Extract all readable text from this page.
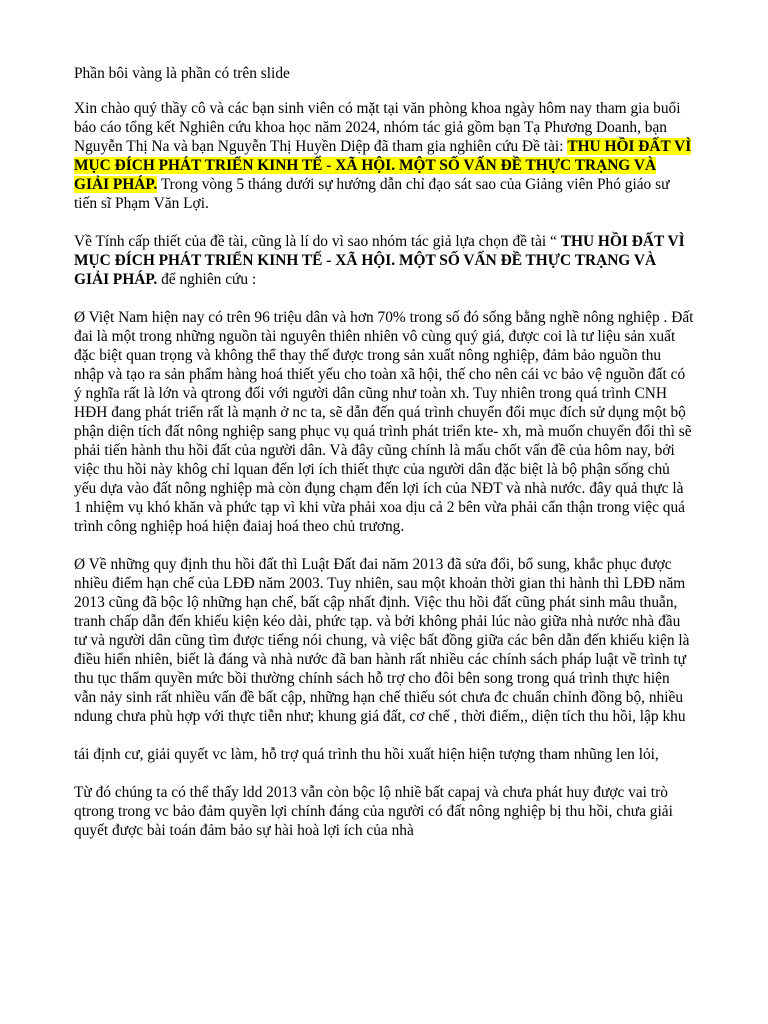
Phần bôi vàng là phần có trên slide

Xin chào quý thầy cô và các bạn sinh viên có mặt tại văn phòng khoa ngày hôm nay tham gia buổi báo cáo tổng kết Nghiên cứu khoa học năm 2024, nhóm tác giả gồm bạn Tạ Phương Doanh, bạn Nguyễn Thị Na và bạn Nguyễn Thị Huyền Diệp đã tham gia nghiên cứu Đề tài: THU HỒI ĐẤT VÌ MỤC ĐÍCH PHÁT TRIỂN KINH TẾ - XÃ HỘI. MỘT SỐ VẤN ĐỀ THỰC TRẠNG VÀ GIẢI PHÁP. Trong vòng 5 tháng dưới sự hướng dẫn chỉ đạo sát sao của Giảng viên Phó giáo sư tiến sĩ Phạm Văn Lợi.

Về Tính cấp thiết của đề tài, cũng là lí do vì sao nhóm tác giả lựa chọn đề tài “ THU HỒI ĐẤT VÌ MỤC ĐÍCH PHÁT TRIỂN KINH TẾ - XÃ HỘI. MỘT SỐ VẤN ĐỀ THỰC TRẠNG VÀ GIẢI PHÁP. để nghiên cứu :

Ø Việt Nam hiện nay có trên 96 triệu dân và hơn 70% trong số đó sống bằng nghề nông nghiệp . Đất đai là một trong những nguồn tài nguyên thiên nhiên vô cùng quý giá, được coi là tư liệu sản xuất đặc biệt quan trọng và không thể thay thế được trong sản xuất nông nghiệp, đảm bảo nguồn thu nhập và tạo ra sản phẩm hàng hoá thiết yếu cho toàn xã hội, thế cho nên cái vc bảo vệ nguồn đất có ý nghĩa rất là lớn và qtrong đối với người dân cũng như toàn xh. Tuy nhiên trong quá trình CNH HĐH đang phát triển rất là mạnh ở nc ta, sẽ dẫn đến quá trình chuyển đổi mục đích sử dụng một bộ phận diện tích đất nông nghiệp sang phục vụ quá trình phát triển kte- xh, mà muốn chuyển đổi thì sẽ phải tiến hành thu hồi đất của người dân. Và đây cũng chính là mấu chốt vấn đề của hôm nay, bởi việc thu hồi này khôg chỉ lquan đến lợi ích thiết thực của người dân đặc biệt là bộ phận sống chủ yếu dựa vào đất nông nghiệp mà còn đụng chạm đến lợi ích của NĐT và nhà nước. đây quả thực là 1 nhiệm vụ khó khăn và phức tạp vì khi vừa phải xoa dịu cả 2 bên vừa phải cẩn thận trong việc quá trình công nghiệp hoá hiện đaiaj hoá theo chủ trương.

Ø Về những quy định thu hồi đất thì Luật Đất đai năm 2013 đã sửa đổi, bổ sung, khắc phục được nhiều điểm hạn chế của LĐĐ năm 2003. Tuy nhiên, sau một khoản thời gian thi hành thì LĐĐ năm 2013 cũng đã bộc lộ những hạn chế, bất cập nhất định. Việc thu hồi đất cũng phát sinh mâu thuẫn, tranh chấp dẫn đến khiếu kiện kéo dài, phức tạp. và bởi không phải lúc nào giữa nhà nước nhà đầu tư và người dân cũng tìm được tiếng nói chung, và việc bất đồng giữa các bên dẫn đến khiếu kiện là điều hiển nhiên, biết là đáng và nhà nước đã ban hành rất nhiều các chính sách pháp luật về trình tự thu tục thẩm quyền mức bồi thường chính sách hỗ trợ cho đôi bên song trong quá trình thực hiện vẫn nảy sinh rất nhiều vấn đề bất cập, những hạn chế thiếu sót chưa đc chuẩn chỉnh đồng bộ, nhiều ndung chưa phù hợp với thực tiễn như; khung giá đất, cơ chế , thời điểm,, diện tích thu hồi, lập khu

tái định cư, giải quyết vc làm, hỗ trợ quá trình thu hồi xuất hiện hiện tượng tham nhũng len lỏi,

Từ đó chúng ta có thể thấy ldd 2013 vẫn còn bộc lộ nhiề bất capaj và chưa phát huy được vai trò qtrong trong vc bảo đảm quyền lợi chính đáng của người có đất nông nghiệp bị thu hồi, chưa giải quyết được bài toán đảm bảo sự hài hoà lợi ích của nhà
